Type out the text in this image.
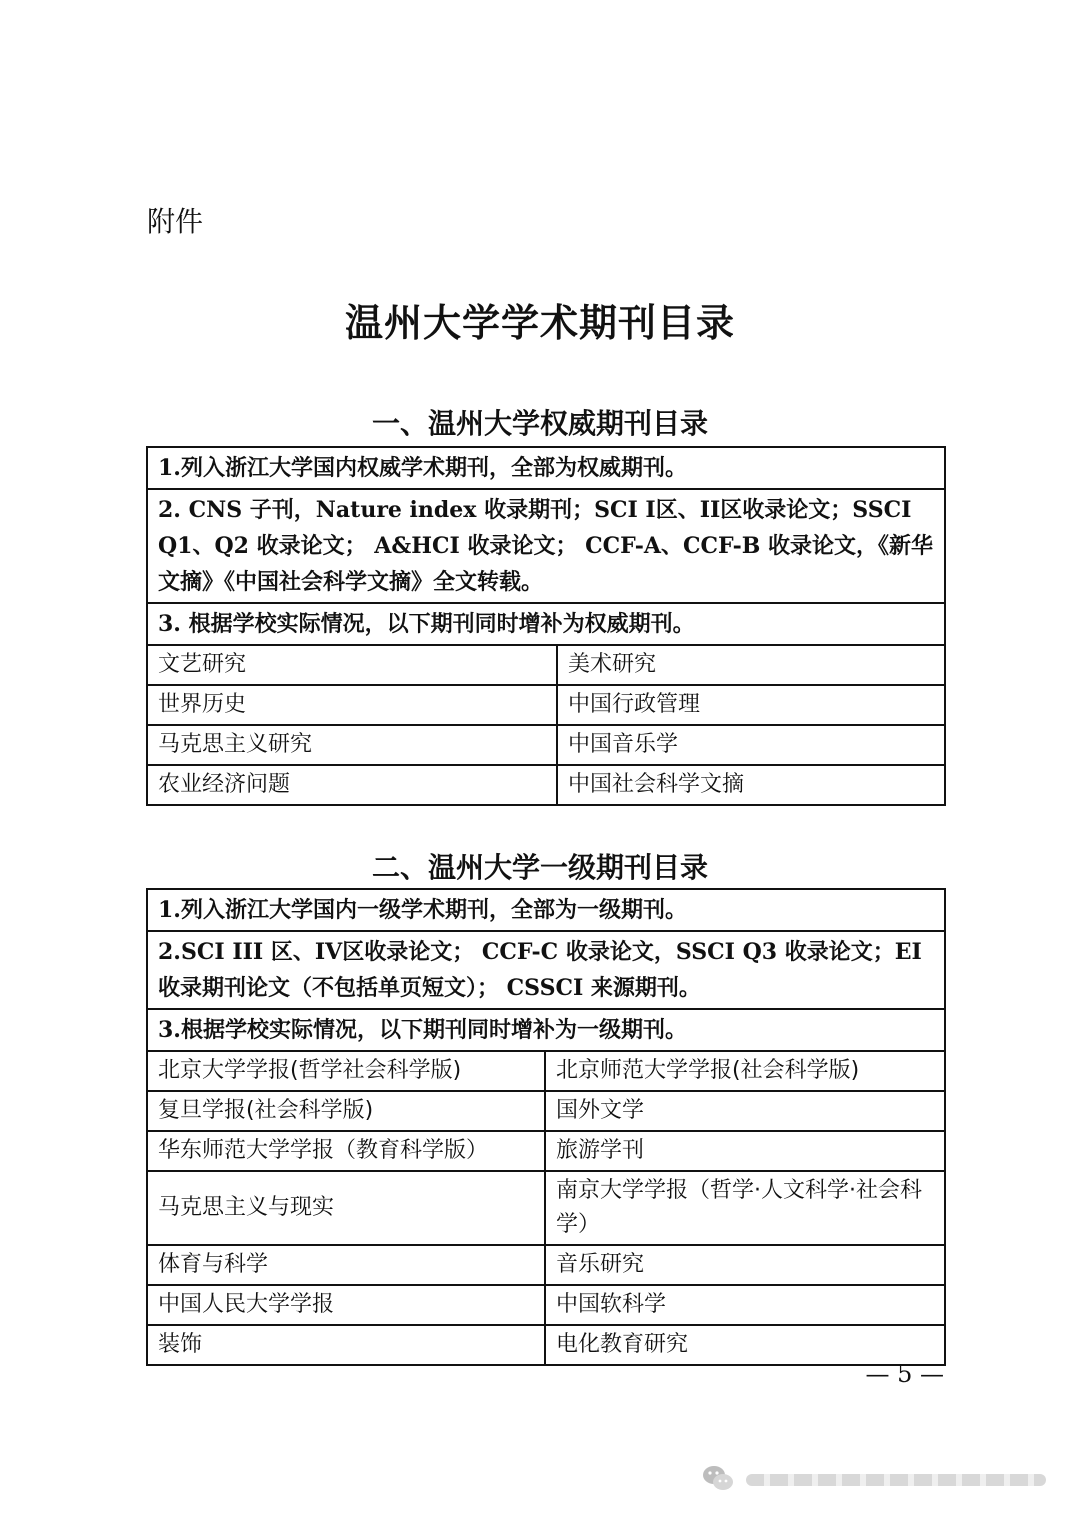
附件
温州大学学术期刊目录
一、温州大学权威期刊目录
1.列入浙江大学国内权威学术期刊，全部为权威期刊。	
2. CNS 子刊，Nature index 收录期刊；SCI I区、II区收录论文；SSCI Q1、Q2 收录论文； A&HCI 收录论文； CCF-A、CCF-B 收录论文，《新华文摘》《中国社会科学文摘》全文转载。	
3. 根据学校实际情况，以下期刊同时增补为权威期刊。	
文艺研究	美术研究
世界历史	中国行政管理
马克思主义研究	中国音乐学
农业经济问题	中国社会科学文摘
二、温州大学一级期刊目录
1.列入浙江大学国内一级学术期刊，全部为一级期刊。	
2.SCI III 区、IV区收录论文； CCF-C 收录论文，SSCI Q3 收录论文；EI 收录期刊论文（不包括单页短文）； CSSCI 来源期刊。	
3.根据学校实际情况，以下期刊同时增补为一级期刊。	
北京大学学报(哲学社会科学版)	北京师范大学学报(社会科学版)
复旦学报(社会科学版)	国外文学
华东师范大学学报（教育科学版）	旅游学刊
马克思主义与现实	南京大学学报（哲学·人文科学·社会科学）
体育与科学	音乐研究
中国人民大学学报	中国软科学
装饰	电化教育研究
— 5 —
